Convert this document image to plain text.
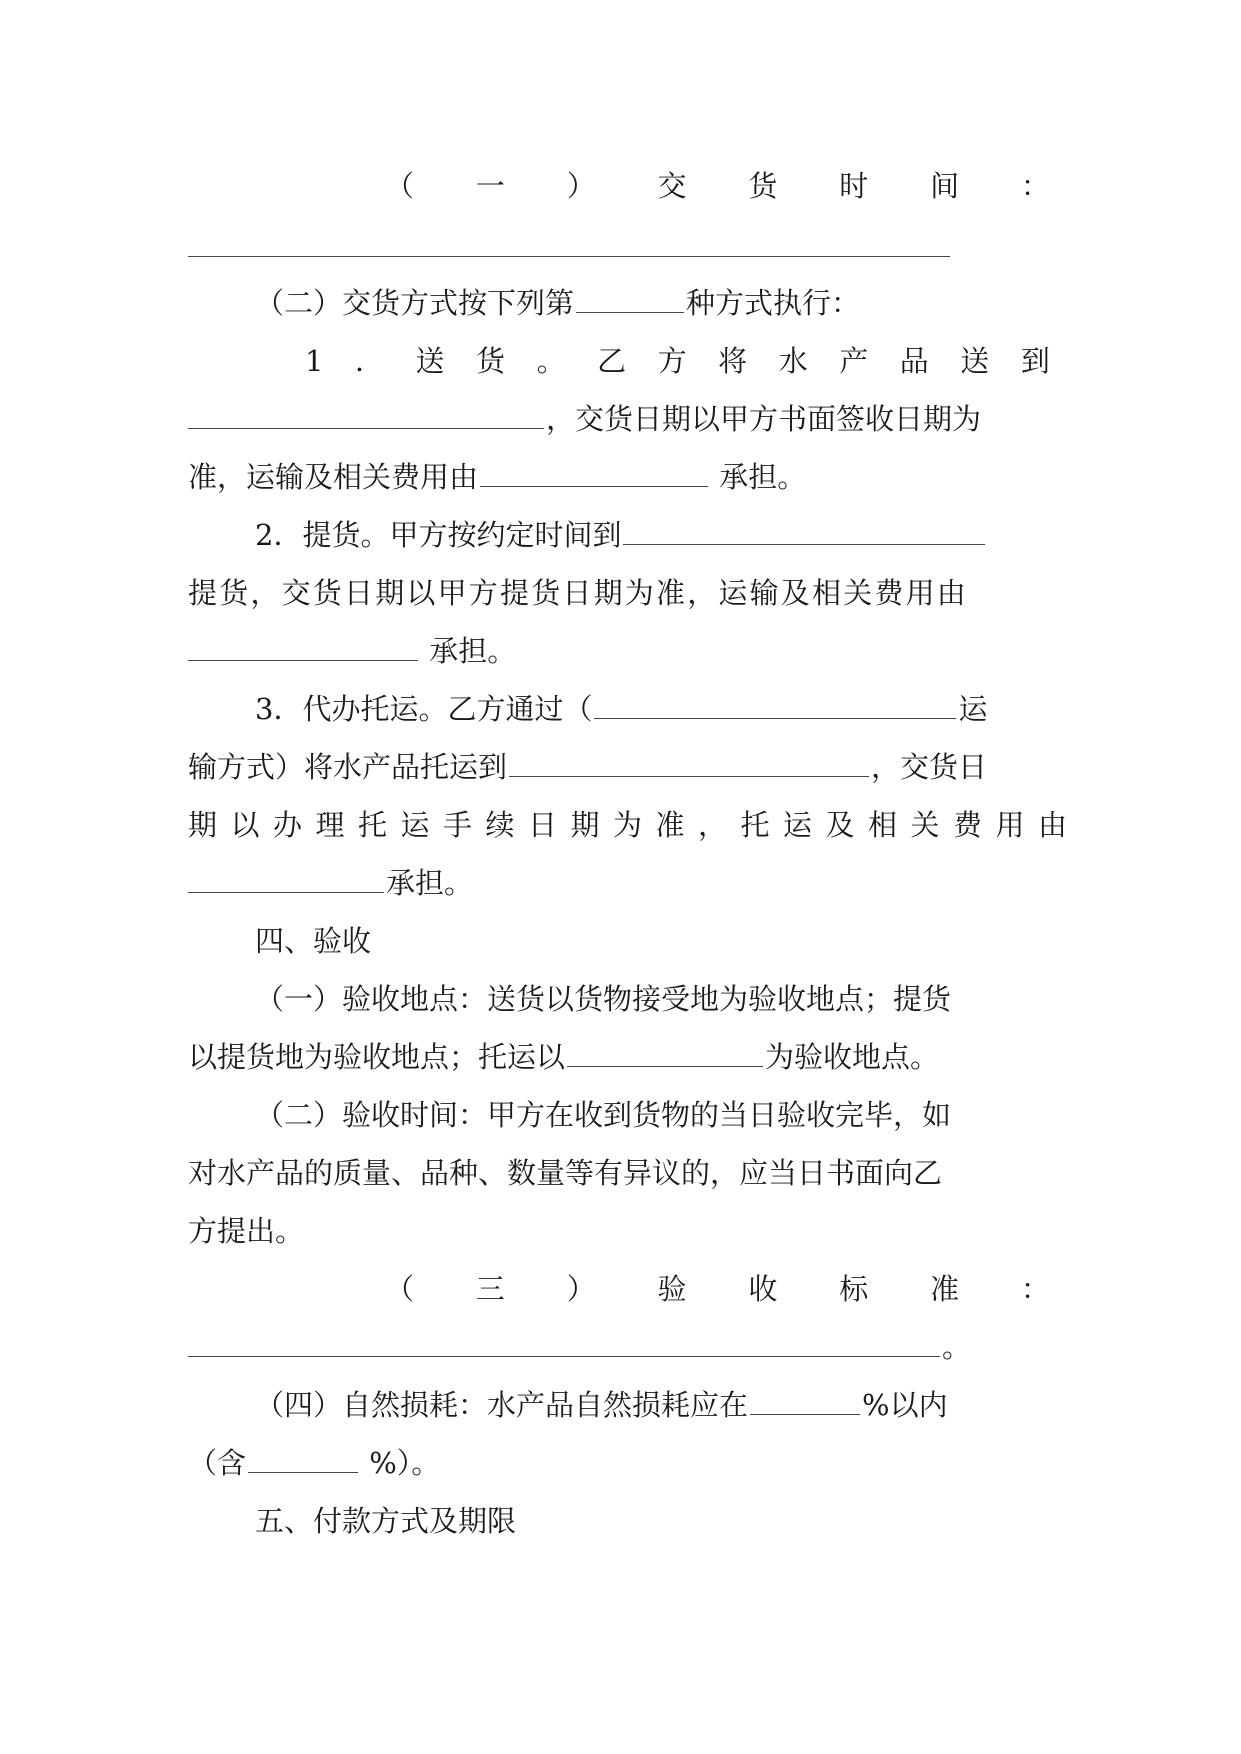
（ 一 ） 交 货 时 间 ：
（二）交货方式按下列第	种方式执行：
1 ． 送 货 。 乙 方 将 水 产 品 送 到
，交货日期以甲方书面签收日期为
准，运输及相关费用由	承担。
2．提货。甲方按约定时间到
提货，交货日期以甲方提货日期为准，运输及相关费用由
承担。
3．代办托运。乙方通过（	运
输方式）将水产品托运到	，交货日
期以办理托运手续日期为准，托运及相关费用由
承担。
四、验收
（一）验收地点：送货以货物接受地为验收地点；提货
以提货地为验收地点；托运以	为验收地点。
（二）验收时间：甲方在收到货物的当日验收完毕，如
对水产品的质量、品种、数量等有异议的，应当日书面向乙
方提出。
（ 三 ） 验 收 标 准 ：
。
（四）自然损耗：水产品自然损耗应在	%以内
（含	%）。
五、付款方式及期限
